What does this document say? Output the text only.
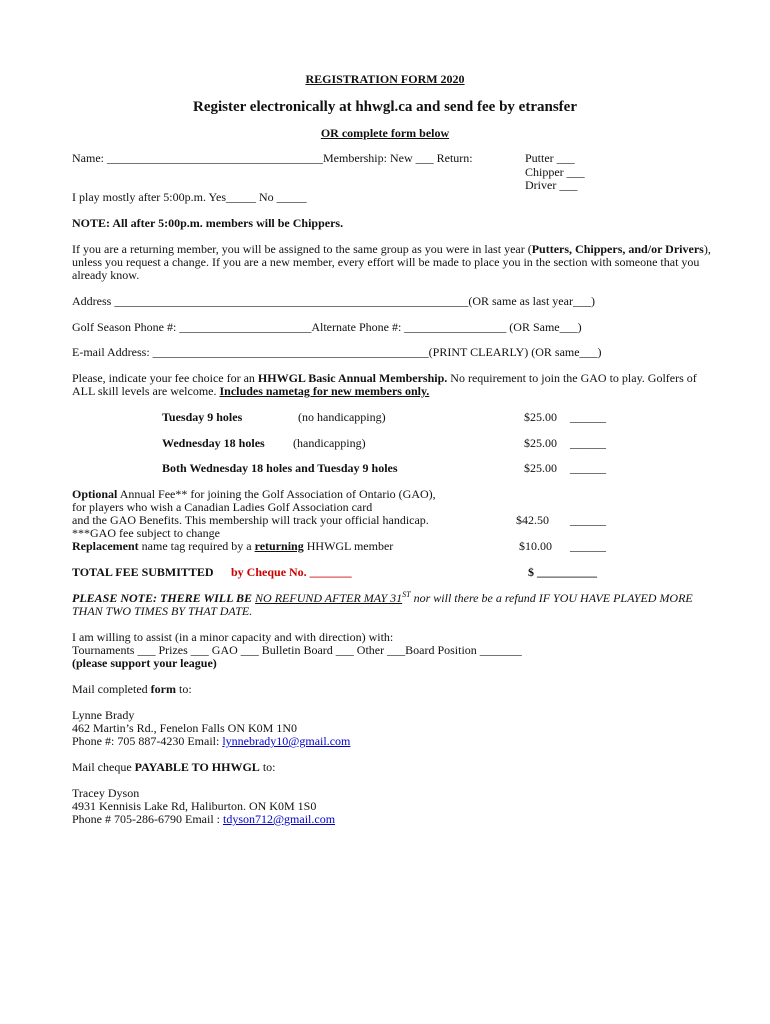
REGISTRATION FORM 2020
Register electronically at hhwgl.ca and send fee by etransfer
OR complete form below
Name: ____________________________________Membership: New ___ Return:	Putter ___
Chipper ___
Driver ___
I play mostly after 5:00p.m. Yes_____ No _____
NOTE: All after 5:00p.m. members will be Chippers.
If you are a returning member, you will be assigned to the same group as you were in last year (Putters, Chippers, and/or Drivers), unless you request a change. If you are a new member, every effort will be made to place you in the section with someone that you already know.
Address ___________________________________________________________(OR same as last year___)
Golf Season Phone #: ______________________Alternate Phone #: _________________ (OR Same___)
E-mail Address: ______________________________________________(PRINT CLEARLY) (OR same___)
Please, indicate your fee choice for an HHWGL Basic Annual Membership. No requirement to join the GAO to play. Golfers of ALL skill levels are welcome. Includes nametag for new members only.
Tuesday 9 holes	(no handicapping)	$25.00 ______
Wednesday 18 holes (handicapping)	$25.00 ______
Both Wednesday 18 holes and Tuesday 9 holes	$25.00 ______
Optional Annual Fee** for joining the Golf Association of Ontario (GAO),
for players who wish a Canadian Ladies Golf Association card
and the GAO Benefits. This membership will track your official handicap.
***GAO fee subject to change
$42.50 ______
Replacement name tag required by a returning HHWGL member	$10.00 ______
TOTAL FEE SUBMITTED by Cheque No. _______	$ __________
PLEASE NOTE: THERE WILL BE NO REFUND AFTER MAY 31ST nor will there be a refund IF YOU HAVE PLAYED MORE THAN TWO TIMES BY THAT DATE.
I am willing to assist (in a minor capacity and with direction) with:
Tournaments ___ Prizes ___ GAO ___ Bulletin Board ___ Other ___Board Position _______
(please support your league)
Mail completed form to:
Lynne Brady
462 Martin’s Rd., Fenelon Falls ON K0M 1N0
Phone #: 705 887-4230 Email: lynnebrady10@gmail.com
Mail cheque PAYABLE TO HHWGL to:
Tracey Dyson
4931 Kennisis Lake Rd, Haliburton. ON K0M 1S0
Phone # 705-286-6790 Email : tdyson712@gmail.com
